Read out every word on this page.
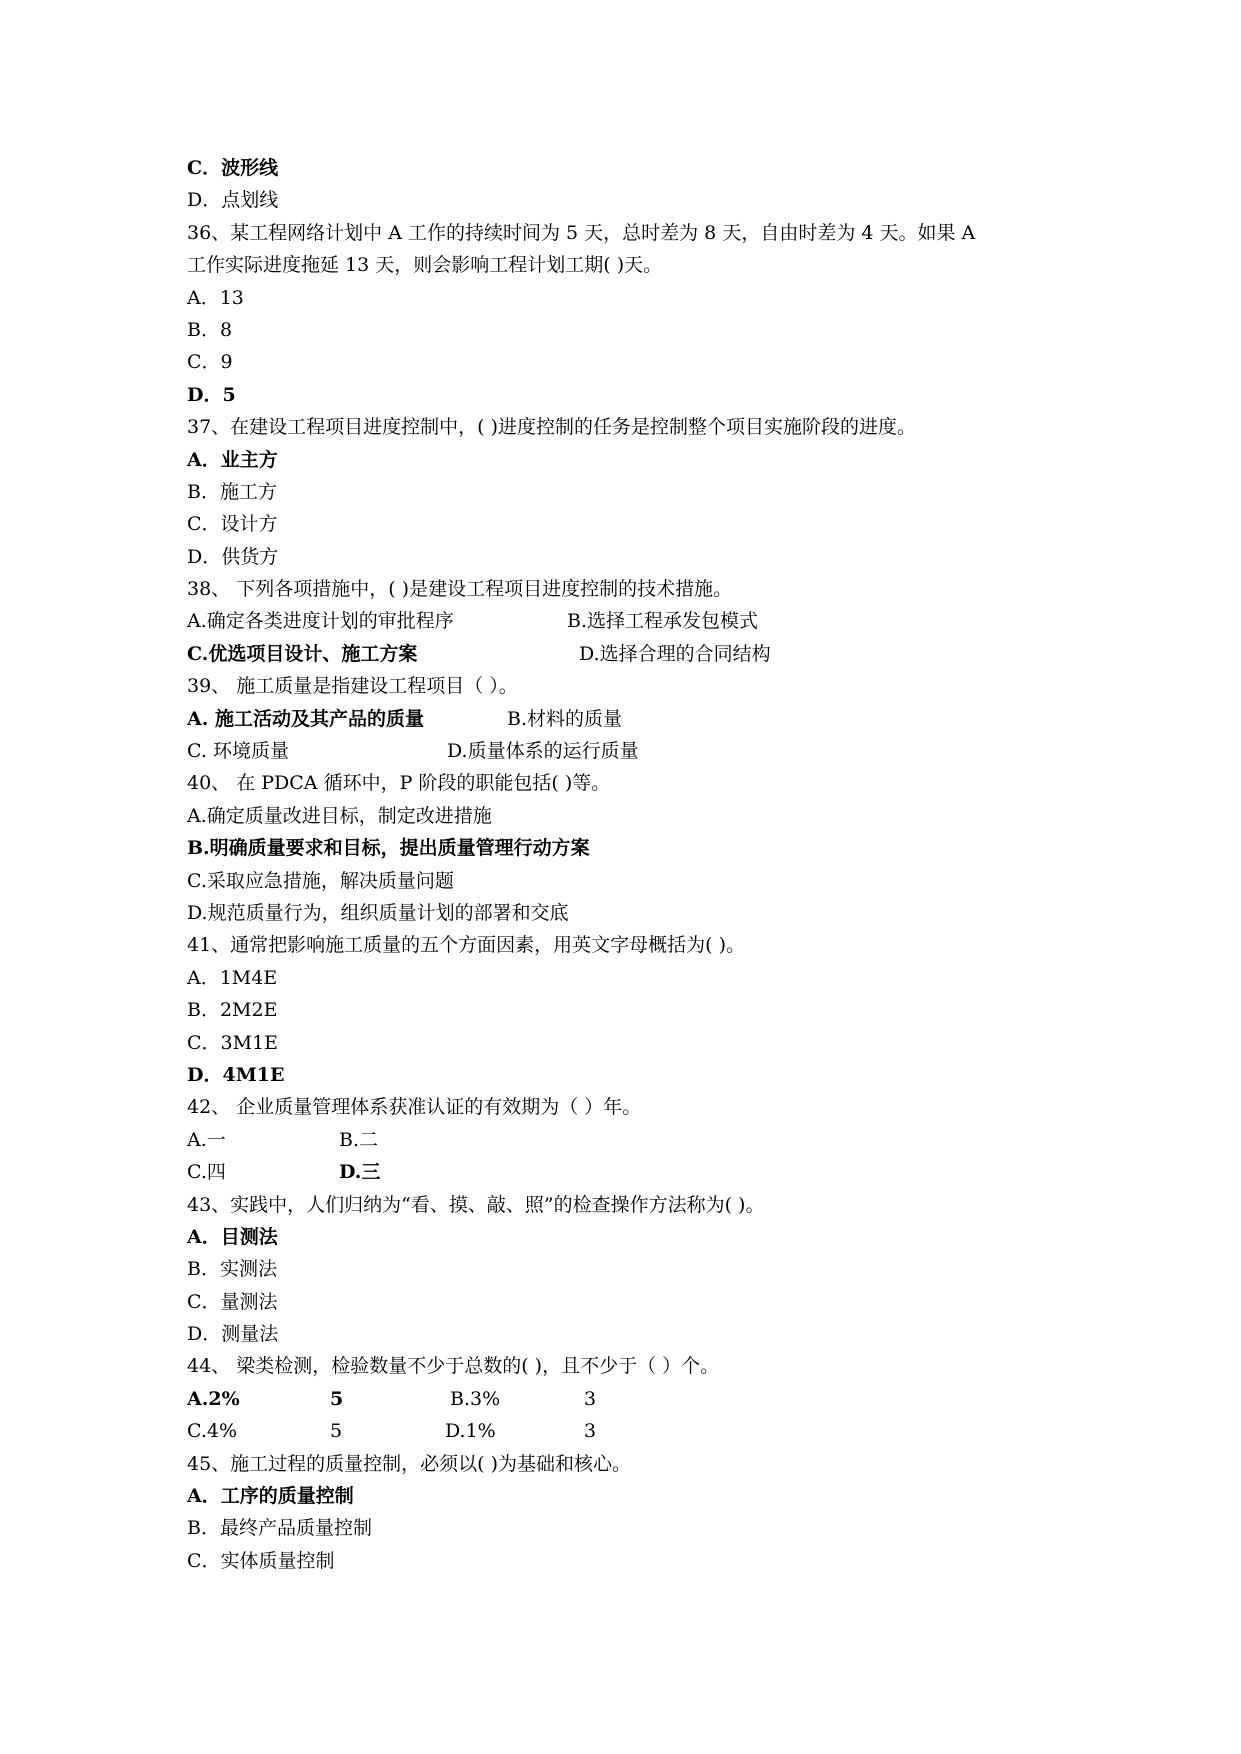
C．波形线
D．点划线
36、某工程网络计划中 A 工作的持续时间为 5 天，总时差为 8 天，自由时差为 4 天。如果 A
工作实际进度拖延 13 天，则会影响工程计划工期( )天。
A．13
B．8
C．9
D．5
37、在建设工程项目进度控制中，( )进度控制的任务是控制整个项目实施阶段的进度。
A．业主方
B．施工方
C．设计方
D．供货方
38、 下列各项措施中，( )是建设工程项目进度控制的技术措施。
A.确定各类进度计划的审批程序	B.选择工程承发包模式
C.优选项目设计、施工方案	D.选择合理的合同结构
39、 施工质量是指建设工程项目（ ）。
A. 施工活动及其产品的质量	B.材料的质量
C. 环境质量	D.质量体系的运行质量
40、 在 PDCA 循环中，P 阶段的职能包括( )等。
A.确定质量改进目标，制定改进措施
B.明确质量要求和目标，提出质量管理行动方案
C.采取应急措施，解决质量问题
D.规范质量行为，组织质量计划的部署和交底
41、通常把影响施工质量的五个方面因素，用英文字母概括为( )。
A．1M4E
B．2M2E
C．3M1E
D．4M1E
42、 企业质量管理体系获准认证的有效期为（ ）年。
A.一	B.二
C.四	D.三
43、实践中，人们归纳为“看、摸、敲、照”的检查操作方法称为( )。
A．目测法
B．实测法
C．量测法
D．测量法
44、 梁类检测，检验数量不少于总数的( )，且不少于（ ）个。
A.2%	5	B.3%	3
C.4%	5	D.1%	3
45、施工过程的质量控制，必须以( )为基础和核心。
A．工序的质量控制
B．最终产品质量控制
C．实体质量控制
